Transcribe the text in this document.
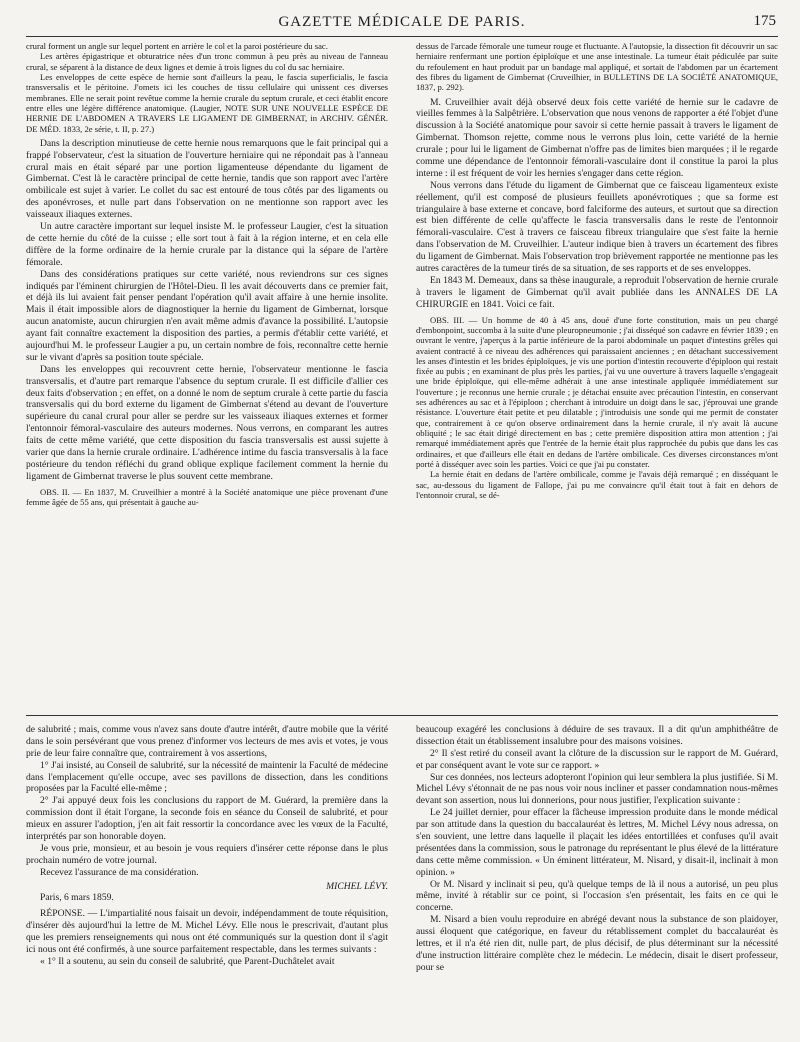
GAZETTE MÉDICALE DE PARIS.	175

crural forment un angle sur lequel portent en arrière le col et la paroi postérieure du sac.

Les artères épigastrique et obturatrice nées d'un tronc commun à peu près au niveau de l'anneau crural, se séparent à la distance de deux lignes et demie à trois lignes du col du sac herniaire.

Les enveloppes de cette espèce de hernie sont d'ailleurs la peau, le fascia superficialis, le fascia transversalis et le péritoine. J'omets ici les couches de tissu cellulaire qui unissent ces diverses membranes. Elle ne serait point revêtue comme la hernie crurale du septum crurale, et ceci établit encore entre elles une légère différence anatomique. (Laugier, NOTE SUR UNE NOUVELLE ESPÈCE DE HERNIE DE L'ABDOMEN A TRAVERS LE LIGAMENT DE GIMBERNAT, in ARCHIV. GÉNÉR. DE MÉD. 1833, 2e série, t. II, p. 27.)

Dans la description minutieuse de cette hernie nous remarquons que le fait principal qui a frappé l'observateur, c'est la situation de l'ouverture herniaire qui ne répondait pas à l'anneau crural mais en était séparé par une portion ligamenteuse dépendante du ligament de Gimbernat. C'est là le caractère principal de cette hernie, tandis que son rapport avec l'artère ombilicale est sujet à varier. Le collet du sac est entouré de tous côtés par des ligaments ou des aponévroses, et nulle part dans l'observation on ne mentionne son rapport avec les vaisseaux iliaques externes.

Un autre caractère important sur lequel insiste M. le professeur Laugier, c'est la situation de cette hernie du côté de la cuisse ; elle sort tout à fait à la région interne, et en cela elle diffère de la forme ordinaire de la hernie crurale par la distance qui la sépare de l'artère fémorale.

Dans des considérations pratiques sur cette variété, nous reviendrons sur ces signes indiqués par l'éminent chirurgien de l'Hôtel-Dieu. Il les avait découverts dans ce premier fait, et déjà ils lui avaient fait penser pendant l'opération qu'il avait affaire à une hernie insolite. Mais il était impossible alors de diagnostiquer la hernie du ligament de Gimbernat, lorsque aucun anatomiste, aucun chirurgien n'en avait même admis d'avance la possibilité. L'autopsie ayant fait connaître exactement la disposition des parties, a permis d'établir cette variété, et aujourd'hui M. le professeur Laugier a pu, un certain nombre de fois, reconnaître cette hernie sur le vivant d'après sa position toute spéciale.

Dans les enveloppes qui recouvrent cette hernie, l'observateur mentionne le fascia transversalis, et d'autre part remarque l'absence du septum crurale. Il est difficile d'allier ces deux faits d'observation ; en effet, on a donné le nom de septum crurale à cette partie du fascia transversalis qui du bord externe du ligament de Gimbernat s'étend au devant de l'ouverture supérieure du canal crural pour aller se perdre sur les vaisseaux iliaques externes et former l'entonnoir fémoral-vasculaire des auteurs modernes. Nous verrons, en comparant les autres faits de cette même variété, que cette disposition du fascia transversalis est aussi sujette à varier que dans la hernie crurale ordinaire. L'adhérence intime du fascia transversalis à la face postérieure du tendon réfléchi du grand oblique explique facilement comment la hernie du ligament de Gimbernat traverse le plus souvent cette membrane.

OBS. II. — En 1837, M. Cruveilhier a montré à la Société anatomique une pièce provenant d'une femme âgée de 55 ans, qui présentait à gauche au-

dessus de l'arcade fémorale une tumeur rouge et fluctuante. A l'autopsie, la dissection fit découvrir un sac herniaire renfermant une portion épiploïque et une anse intestinale. La tumeur était pédiculée par suite du refoulement en haut produit par un bandage mal appliqué, et sortait de l'abdomen par un écartement des fibres du ligament de Gimbernat (Cruveilhier, in BULLETINS DE LA SOCIÉTÉ ANATOMIQUE, 1837, p. 292).

M. Cruveilhier avait déjà observé deux fois cette variété de hernie sur le cadavre de vieilles femmes à la Salpêtrière. L'observation que nous venons de rapporter a été l'objet d'une discussion à la Société anatomique pour savoir si cette hernie passait à travers le ligament de Gimbernat. Thomson rejette, comme nous le verrons plus loin, cette variété de la hernie crurale ; pour lui le ligament de Gimbernat n'offre pas de limites bien marquées ; il le regarde comme une dépendance de l'entonnoir fémorali-vasculaire dont il constitue la paroi la plus interne : il est fréquent de voir les hernies s'engager dans cette région.

Nous verrons dans l'étude du ligament de Gimbernat que ce faisceau ligamenteux existe réellement, qu'il est composé de plusieurs feuillets aponévrotiques ; que sa forme est triangulaire à base externe et concave, bord falciforme des auteurs, et surtout que sa direction est bien différente de celle qu'affecte le fascia transversalis dans le reste de l'entonnoir fémorali-vasculaire. C'est à travers ce faisceau fibreux triangulaire que s'est faite la hernie dans l'observation de M. Cruveilhier. L'auteur indique bien à travers un écartement des fibres du ligament de Gimbernat. Mais l'observation trop brièvement rapportée ne mentionne pas les autres caractères de la tumeur tirés de sa situation, de ses rapports et de ses enveloppes.

En 1843 M. Demeaux, dans sa thèse inaugurale, a reproduit l'observation de hernie crurale à travers le ligament de Gimbernat qu'il avait publiée dans les ANNALES DE LA CHIRURGIE en 1841. Voici ce fait.

OBS. III. — Un homme de 40 à 45 ans, doué d'une forte constitution, mais un peu chargé d'embonpoint, succomba à la suite d'une pleuropneumonie ; j'ai disséqué son cadavre en février 1839 ; en ouvrant le ventre, j'aperçus à la partie inférieure de la paroi abdominale un paquet d'intestins grêles qui avaient contracté à ce niveau des adhérences qui paraissaient anciennes ; en détachant successivement les anses d'intestin et les brides épiploïques, je vis une portion d'intestin recouverte d'épiploon qui restait fixée au pubis ; en examinant de plus près les parties, j'ai vu une ouverture à travers laquelle s'engageait une bride épiploïque, qui elle-même adhérait à une anse intestinale appliquée immédiatement sur l'ouverture ; je reconnus une hernie crurale ; je détachai ensuite avec précaution l'intestin, en conservant ses adhérences au sac et à l'épiploon ; cherchant à introduire un doigt dans le sac, j'éprouvai une grande résistance. L'ouverture était petite et peu dilatable ; j'introduisis une sonde qui me permit de constater que, contrairement à ce qu'on observe ordinairement dans la hernie crurale, il n'y avait là aucune obliquité ; le sac était dirigé directement en bas ; cette première disposition attira mon attention ; j'ai remarqué immédiatement après que l'entrée de la hernie était plus rapprochée du pubis que dans les cas ordinaires, et que d'ailleurs elle était en dedans de l'artère ombilicale. Ces diverses circonstances m'ont porté à disséquer avec soin les parties. Voici ce que j'ai pu constater.

La hernie était en dedans de l'artère ombilicale, comme je l'avais déjà remarqué ; en disséquant le sac, au-dessous du ligament de Fallope, j'ai pu me convaincre qu'il était tout à fait en dehors de l'entonnoir crural, se dé-

de salubrité ; mais, comme vous n'avez sans doute d'autre intérêt, d'autre mobile que la vérité dans le soin persévérant que vous prenez d'informer vos lecteurs de mes avis et votes, je vous prie de leur faire connaître que, contrairement à vos assertions,

1° J'ai insisté, au Conseil de salubrité, sur la nécessité de maintenir la Faculté de médecine dans l'emplacement qu'elle occupe, avec ses pavillons de dissection, dans les conditions proposées par la Faculté elle-même ;

2° J'ai appuyé deux fois les conclusions du rapport de M. Guérard, la première dans la commission dont il était l'organe, la seconde fois en séance du Conseil de salubrité, et pour mieux en assurer l'adoption, j'en ait fait ressortir la concordance avec les vœux de la Faculté, interprétés par son honorable doyen.

Je vous prie, monsieur, et au besoin je vous requiers d'insérer cette réponse dans le plus prochain numéro de votre journal.

Recevez l'assurance de ma considération.

MICHEL LÉVY.

Paris, 6 mars 1859.

RÉPONSE. — L'impartialité nous faisait un devoir, indépendamment de toute réquisition, d'insérer dès aujourd'hui la lettre de M. Michel Lévy. Elle nous le prescrivait, d'autant plus que les premiers renseignements qui nous ont été communiqués sur la question dont il s'agit ici nous ont été confirmés, à une source parfaitement respectable, dans les termes suivants :

« 1° Il a soutenu, au sein du conseil de salubrité, que Parent-Duchâtelet avait

beaucoup exagéré les conclusions à déduire de ses travaux. Il a dit qu'un amphithéâtre de dissection était un établissement insalubre pour des maisons voisines.

2° Il s'est retiré du conseil avant la clôture de la discussion sur le rapport de M. Guérard, et par conséquent avant le vote sur ce rapport. »

Sur ces données, nos lecteurs adopteront l'opinion qui leur semblera la plus justifiée. Si M. Michel Lévy s'étonnait de ne pas nous voir nous incliner et passer condamnation nous-mêmes devant son assertion, nous lui donnerions, pour nous justifier, l'explication suivante :

Le 24 juillet dernier, pour effacer la fâcheuse impression produite dans le monde médical par son attitude dans la question du baccalauréat ès lettres, M. Michel Lévy nous adressa, on s'en souvient, une lettre dans laquelle il plaçait les idées entortillées et confuses qu'il avait présentées dans la commission, sous le patronage du représentant le plus élevé de la littérature dans cette même commission. « Un éminent littérateur, M. Nisard, y disait-il, inclinait à mon opinion. »

Or M. Nisard y inclinait si peu, qu'à quelque temps de là il nous a autorisé, un peu plus même, invité à rétablir sur ce point, si l'occasion s'en présentait, les faits en ce qui le concerne.

M. Nisard a bien voulu reproduire en abrégé devant nous la substance de son plaidoyer, aussi éloquent que catégorique, en faveur du rétablissement complet du baccalauréat ès lettres, et il n'a été rien dit, nulle part, de plus décisif, de plus déterminant sur la nécessité d'une instruction littéraire complète chez le médecin. Le médecin, disait le disert professeur, pour se
